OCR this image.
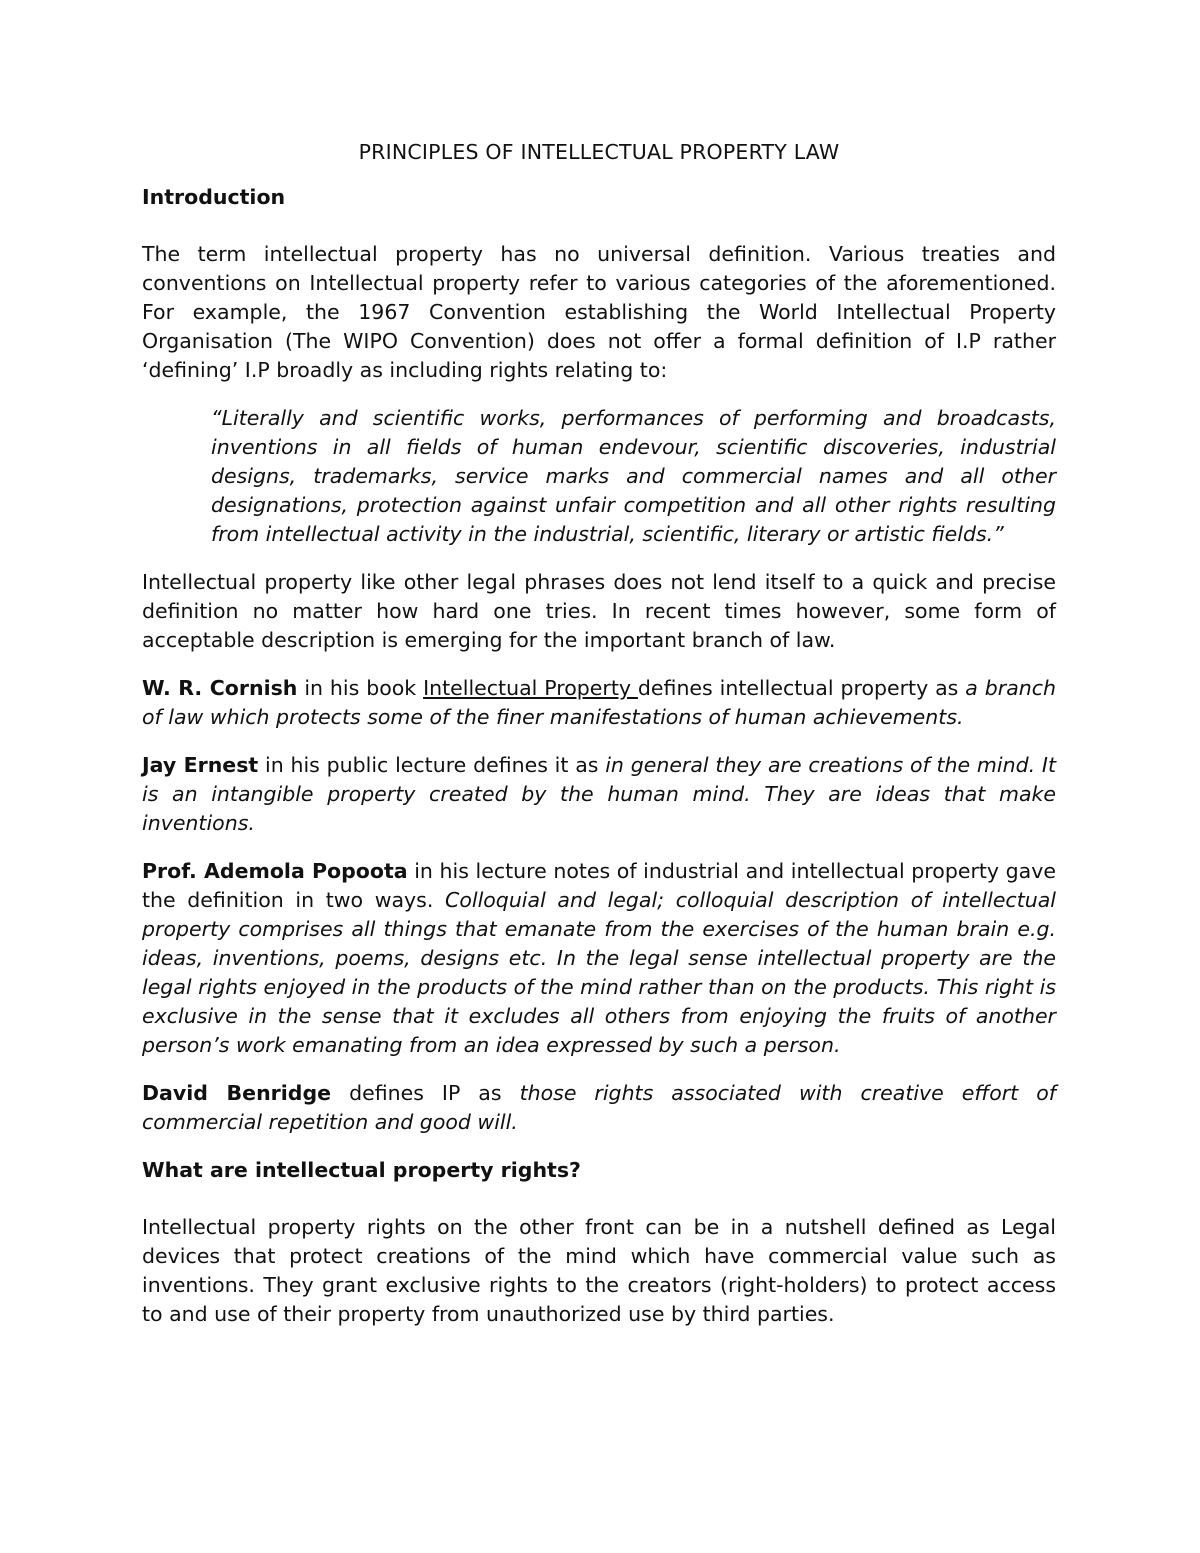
PRINCIPLES OF INTELLECTUAL PROPERTY LAW
Introduction

The term intellectual property has no universal definition. Various treaties and conventions on Intellectual property refer to various categories of the aforementioned. For example, the 1967 Convention establishing the World Intellectual Property Organisation (The WIPO Convention) does not offer a formal definition of I.P rather ‘defining’ I.P broadly as including rights relating to:

“Literally and scientific works, performances of performing and broadcasts, inventions in all fields of human endevour, scientific discoveries, industrial designs, trademarks, service marks and commercial names and all other designations, protection against unfair competition and all other rights resulting from intellectual activity in the industrial, scientific, literary or artistic fields.”

Intellectual property like other legal phrases does not lend itself to a quick and precise definition no matter how hard one tries. In recent times however, some form of acceptable description is emerging for the important branch of law.

W. R. Cornish in his book Intellectual Property defines intellectual property as a branch of law which protects some of the finer manifestations of human achievements.

Jay Ernest in his public lecture defines it as in general they are creations of the mind. It is an intangible property created by the human mind. They are ideas that make inventions.

Prof. Ademola Popoota in his lecture notes of industrial and intellectual property gave the definition in two ways. Colloquial and legal; colloquial description of intellectual property comprises all things that emanate from the exercises of the human brain e.g. ideas, inventions, poems, designs etc. In the legal sense intellectual property are the legal rights enjoyed in the products of the mind rather than on the products. This right is exclusive in the sense that it excludes all others from enjoying the fruits of another person’s work emanating from an idea expressed by such a person.

David Benridge defines IP as those rights associated with creative effort of commercial repetition and good will.

What are intellectual property rights?

Intellectual property rights on the other front can be in a nutshell defined as Legal devices that protect creations of the mind which have commercial value such as inventions. They grant exclusive rights to the creators (right-holders) to protect access to and use of their property from unauthorized use by third parties.
